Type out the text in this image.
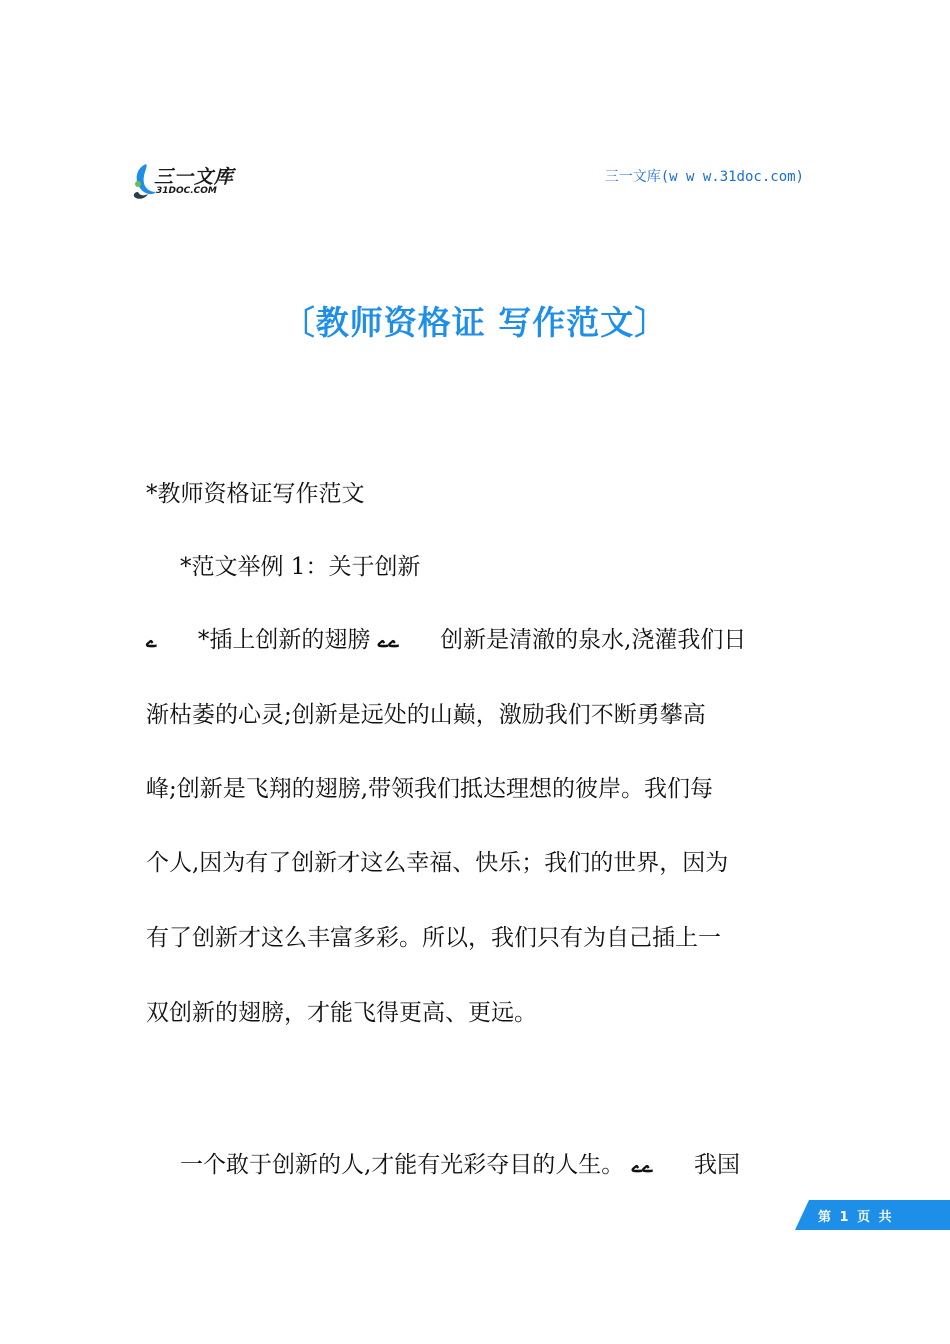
三一文库
31DOC.COM
三一文库(w w w.31doc.com)
〔教师资格证 写作范文〕
*教师资格证写作范文
*范文举例 1：关于创新
ے *插上创新的翅膀 ےے 创新是清澈的泉水,浇灌我们日
渐枯萎的心灵;创新是远处的山巅，激励我们不断勇攀高
峰;创新是飞翔的翅膀,带领我们抵达理想的彼岸。我们每
个人,因为有了创新才这么幸福、快乐；我们的世界，因为
有了创新才这么丰富多彩。所以，我们只有为自己插上一
双创新的翅膀，才能飞得更高、更远。
一个敢于创新的人,才能有光彩夺目的人生。 ےے 我国
第 1 页 共
